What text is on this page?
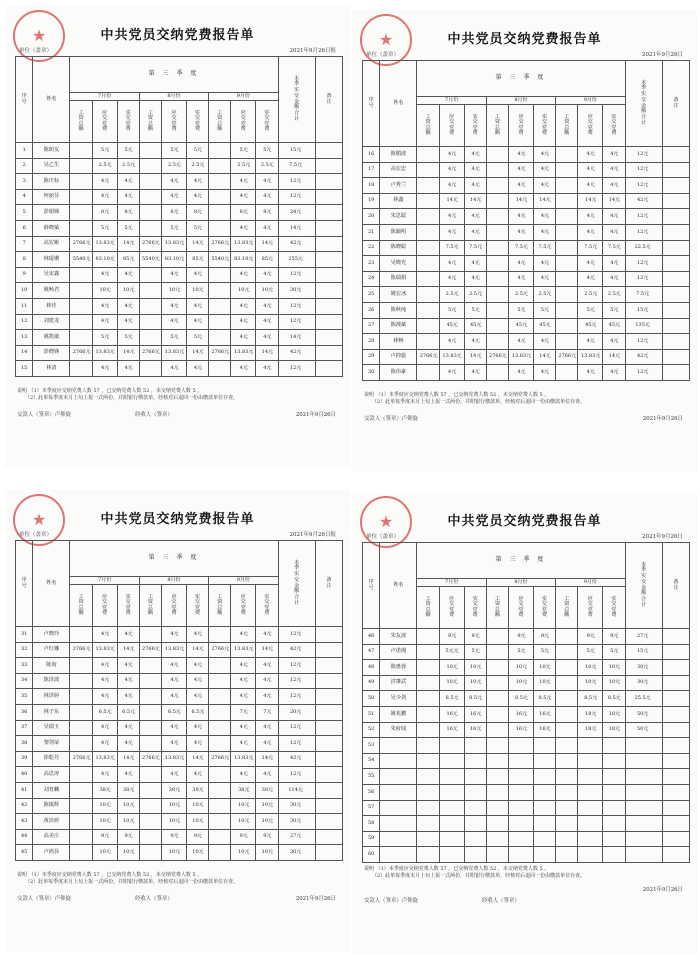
★
中共党员交纳党费报告单
单位（盖章）	2021年9月26日报
序号	姓名	第 三 季 度									本季实交金额合计	备注
		7月份			8月份			9月份				
		工资总额	应交党费	实交党费	工资总额	应交党费	实交党费	工资总额	应交党费	实交党费		
1	陈朗友		5元	5元		5元	5元		5元	5元	15元	
2	吴乙生		2.5元	2.5元		2.5元	2.5元		2.5元	2.5元	7.5元	
3	陈庆标		4元	4元		4元	4元		4元	4元	12元	
4	何丽芬		4元	4元		4元	4元		4元	4元	12元	
5	彭娟娣		8元	8元		8元	8元		8元	8元	24元	
6	薛晓斌		5元	5元		5元	5元		4元	4元	14元	
7	高宏彬	2766元	13.83元	14元	2766元	13.83元	14元	2766元	13.83元	14元	42元	
8	林瑷珊	5540元	83.10元	85元	5540元	83.10元	85元	5540元	83.10元	85元	255元	
9	吴宋鑫		4元	4元		4元	4元		4元	4元	12元	
10	姚畅君		10元	10元		10元	10元		10元	10元	30元	
11	林佳		4元	4元		4元	4元		4元	4元	12元	
12	刘建龙		4元	4元		4元	4元		4元	4元	12元	
13	姚凯敏		5元	5元		5元	5元		4元	4元	14元	
14	彭晓锋	2766元	13.83元	14元	2766元	13.83元	14元	2766元	13.83元	14元	42元	
15	林清		4元	4元		4元	4元		4元	4元	12元	
说明 （1）本季度应交纳党费人数 57 ，已交纳党费人数 52 ，未交纳党费人数 5 。
（2）此单每季度末月上旬上报一式两份，并附银行缴款单，经核对后退回一份由缴款单位存查。
交款人（签章）卢仰旋	经收人（签章）	2021年9月26日
★
中共党员交纳党费报告单
单位（盖章）	2021年9月26日
序号	姓名	第 三 季 度									本季实交金额合计	备注
		7月份			8月份			9月份				
		工资总额	应交党费	实交党费	工资总额	应交党费	实交党费	工资总额	应交党费	实交党费		
16	陈楣波		4元	4元		4元	4元		4元	4元	12元	
17	高宏忠		4元	4元		4元	4元		4元	4元	12元	
18	卢秀兰		4元	4元		4元	4元		4元	4元	12元	
19	林鑫		14元	14元		14元	14元		14元	14元	42元	
20	朱思聪		4元	4元		4元	4元		4元	4元	12元	
21	陈颖明		4元	4元		4元	4元		4元	4元	12元	
22	陈晓聪		7.5元	7.5元		7.5元	7.5元		7.5元	7.5元	22.5元	
23	吴晓光		4元	4元		4元	4元		4元	4元	12元	
24	陈瑞娟		4元	4元		4元	4元		4元	4元	12元	
25	姚宏冰		2.5元	2.5元		2.5元	2.5元		2.5元	2.5元	7.5元	
26	陈秋纯		5元	5元		5元	5元		5元	5元	15元	
27	陈漫斌		45元	45元		45元	45元		45元	45元	135元	
28	林畅		4元	4元		4元	4元		4元	4元	12元	
29	卢抑旋	2766元	13.83元	14元	2766元	13.83元	14元	2766元	13.83元	14元	42元	
30	陈伟豪		4元	4元		4元	4元		4元	4元	12元	
说明 （1）本季度应交纳党费人数 57 ，已交纳党费人数 52 ，未交纳党费人数 5 。
（2）此单每季度末月上旬上报一式两份，并附银行缴款单，经核对后退回一份由缴款单位存查。
交款人（签章）卢仰旋	2021年9月26日
★
中共党员交纳党费报告单
单位（盖章）	2021年9月26日报
序号	姓名	第 三 季 度									本季实交金额合计	备注
		7月份			8月份			9月份				
		工资总额	应交党费	实交党费	工资总额	应交党费	实交党费	工资总额	应交党费	实交党费		
31	卢晓玲		4元	4元		4元	4元		4元	4元	12元	
32	卢红娜	2766元	13.83元	14元	2766元	13.83元	14元	2766元	13.83元	14元	42元	
33	陈洵		4元	4元		4元	4元		4元	4元	12元	
34	陈泽波		4元	4元		4元	4元		4元	4元	12元	
35	林泽婷		4元	4元		4元	4元		4元	4元	12元	
36	林子东		6.5元	6.5元		6.5元	6.5元		7元	7元	20元	
37	吴瑞玉		4元	4元		4元	4元		4元	4元	12元	
38	黎剑荣		4元	4元		4元	4元		4元	4元	12元	
39	徐乾丹	2766元	13.83元	14元	2766元	13.83元	14元	2766元	13.83元	14元	42元	
40	高思涛		4元	4元		4元	4元		4元	4元	12元	
41	刘育麟		38元	38元		38元	38元		38元	38元	114元	
42	陈镇辉		10元	10元		10元	10元		10元	10元	30元	
43	黄淡妍		10元	10元		10元	10元		10元	10元	30元	
44	高美庄		9元	9元		9元	9元		9元	9元	27元	
45	卢鸿县		10元	10元		10元	10元		10元	10元	30元	
说明 （1）本季度应交纳党费人数 57 ，已交纳党费人数 52 ，未交纳党费人数 5 。
（2）此单每季度末月上旬上报一式两份，并附银行缴款单，经核对后退回一份由缴款单位存查。
交款人（签章）卢仰旋	经收人（签章）	2021年9月26日
★
中共党员交纳党费报告单
单位（盖章）	2021年9月26日
序号	姓名	第 三 季 度									本季实交金额合计	备注
		7月份			8月份			9月份				
		工资总额	应交党费	实交党费	工资总额	应交党费	实交党费	工资总额	应交党费	实交党费		
46	朱友波		9元	9元		9元	9元		9元	9元	27元	
47	卢诺漫		5元元	5元		5元	5元		5元	5元	15元	
48	陈惠蓉		10元	10元		10元	10元		10元	10元	30元	
49	洪肇武		10元	10元		10元	10元		10元	10元	30元	
50	吴少剑		8.5元	8.5元		8.5元	8.5元		8.5元	8.5元	25.5元	
51	姚兆鹏		16元	16元		16元	16元		18元	18元	50元	
52	朱府闻		16元	16元		16元	16元		18元	18元	50元	
53												
54												
55												
56												
57												
58												
59												
60												
说明 （1）本季度应交纳党费人数 57 ，已交纳党费人数 52 ，未交纳党费人数 5 。
（2）此单每季度末月上旬上报一式两份，并附银行缴款单，经核对后退回一份由缴款单位存查。
2021年9月26日
交款人（签章）卢仰旋	经收人（签章）
